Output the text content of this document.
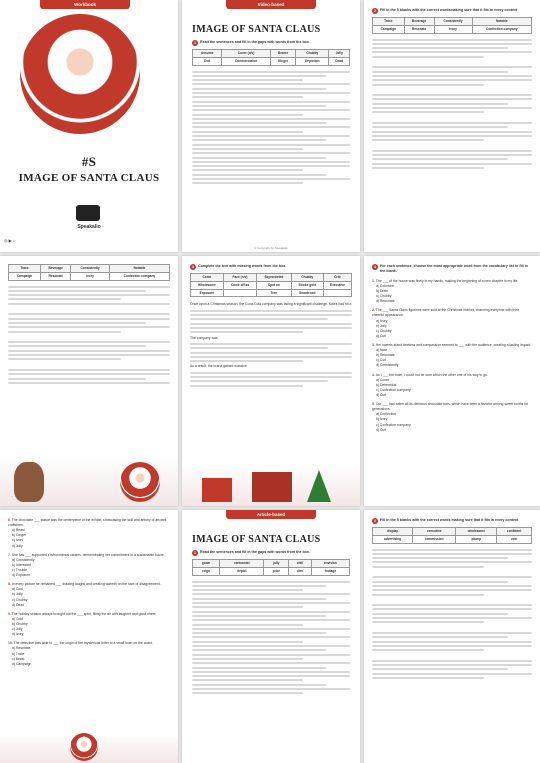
Workbook
#S
IMAGE OF SANTA CLAUS
Speakalio
◎ ▶ ♪
Video-based
IMAGE OF SANTA CLAUS
1	Read the sentences and fill in the gaps with words from the box.
Assume	Cover (n/v)	Bearer	Chubby	Jolly
Diet	Commercialize	Ginger	Depiction	Dead
© Copyright by Speakalio
2	Fill in the 5 blanks with the correct wordsmaking sure that it fits in every context
Trace	Beverage	Consistently	Notable
Campaign	Resonate	Ivory	Confection company
Trace	Beverage	Consistently	Notable
Campaign	Resonate	Ivory	Confection company
3	Complete the text with missing words from the box.
Come	Face (n/v)	Skyrocketed	Chubby	Crib
Wholesome	Come off as	Spot on	Stroke gold	Executive
Exposure		Tren	Smartened	
Once upon a Christmas season, the Coca-Cola company was facing a significant challenge. Sales had hit a
The company was
As a result, the brand gained massive
4	For each sentence, choose the most appropriate word from the vocabulary list to fill in the blank.
1. The ___ of the house was finely in my hands, making the beginning of a new chapter in my life.
a) Cohesion
b) Drain
c) Chubby
d) Resonate
2. The ___ Santa Claus figurines were sold at the Christmas market, charming everyone with their cheerful appearance.
a) Ivory
b) Jolly
c) Chubby
d) Curl
3. Her sweets stand timeless and compassion seemed to ___ with the audience, creating a lasting impact.
a) Note
b) Resonate
c) Curl
d) Consistently
4. As I ___ the hotel, I could not be sure which the other one of his way to go.
a) Cover
b) Deferential
c) Confection company
d) Curl
5. Our ___ had eaten all its delicious chocolate bars, which have been a favorite among sweet tooths for generations.
a) Confection
b) Ivory
c) Confection company
d) Curl
6. The chocolate ___ statue was the centerpiece of the exhibit, showcasing the skill and artistry of ancient craftsmen.
a) Beast
b) Ginger
c) Ivory
d) Jolly
7. She has ___ supported environmental causes, demonstrating her commitment to a sustainable future.
a) Consistently
b) Interested
c) Trouble
d) Exposure
8. In every picture he remained ___ drawing laughs and creating warmth on the face of disagreement.
a) Cool
b) Jolly
c) Chubby
d) Dead
9. The holiday season always brought out the ___ spirit, filling the air with laughter and good cheer.
a) Cold
b) Chubby
c) Jolly
d) Ivory
10. The detective was able to ___ the origin of the mysterious letter to a small town on the coast.
a) Resonate
b) Trace
c) Beast
d) Campaign
Article-based
IMAGE OF SANTA CLAUS
1	Read the sentences and fill in the gaps with words from the box.
gown	cartoonist	jolly	chill	envision
reign	depict	prior	dim	footage
2	Fill in the 5 blanks with the correct words making sure that it fits in every context
display	executive	wholesome	confident
advertising	commission	plump	vein
